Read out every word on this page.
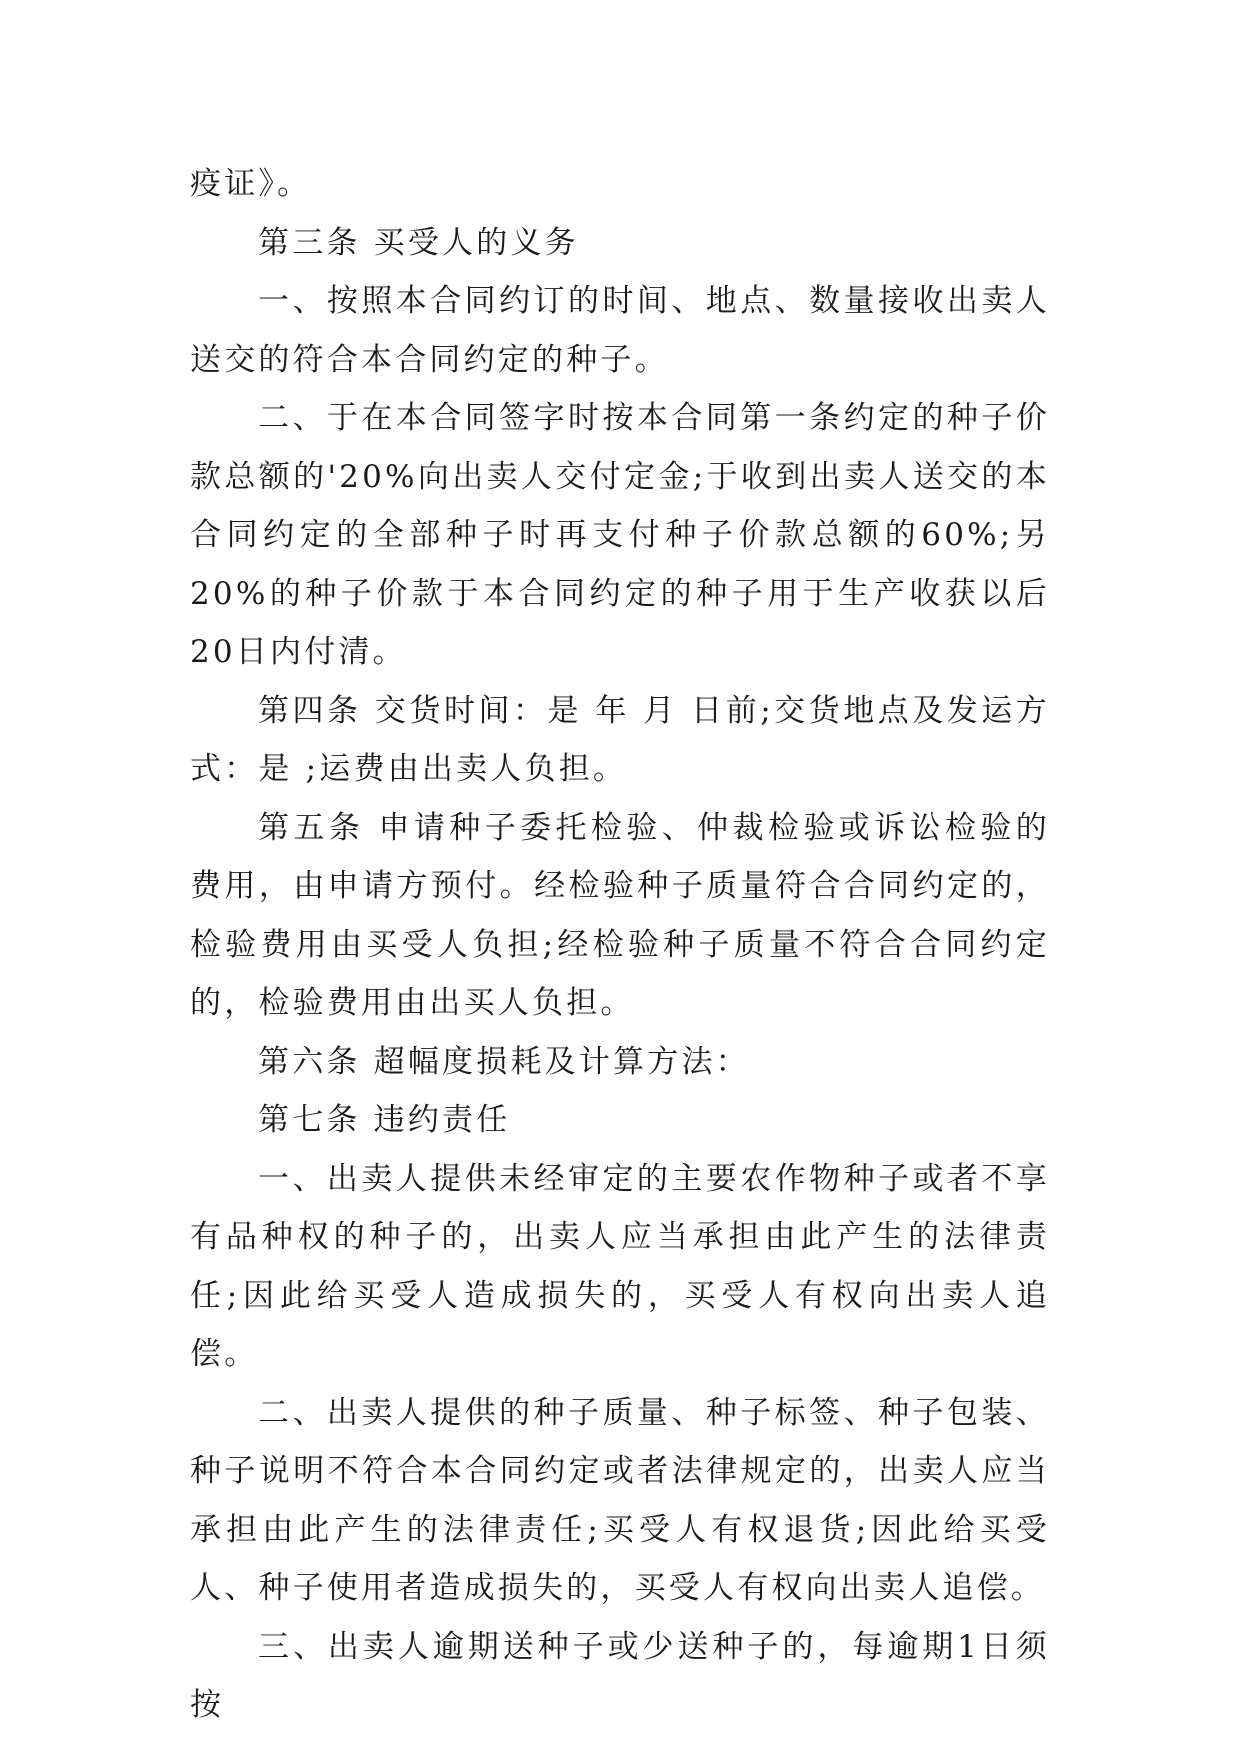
疫证》。

第三条 买受人的义务

一、按照本合同约订的时间、地点、数量接收出卖人送交的符合本合同约定的种子。

二、于在本合同签字时按本合同第一条约定的种子价款总额的'20%向出卖人交付定金;于收到出卖人送交的本合同约定的全部种子时再支付种子价款总额的60%;另20%的种子价款于本合同约定的种子用于生产收获以后20日内付清。

第四条 交货时间：是 年 月 日前;交货地点及发运方式：是 ;运费由出卖人负担。

第五条 申请种子委托检验、仲裁检验或诉讼检验的费用，由申请方预付。经检验种子质量符合合同约定的，检验费用由买受人负担;经检验种子质量不符合合同约定的，检验费用由出买人负担。

第六条 超幅度损耗及计算方法：

第七条 违约责任

一、出卖人提供未经审定的主要农作物种子或者不享有品种权的种子的，出卖人应当承担由此产生的法律责任;因此给买受人造成损失的，买受人有权向出卖人追偿。

二、出卖人提供的种子质量、种子标签、种子包装、种子说明不符合本合同约定或者法律规定的，出卖人应当承担由此产生的法律责任;买受人有权退货;因此给买受人、种子使用者造成损失的，买受人有权向出卖人追偿。

三、出卖人逾期送种子或少送种子的，每逾期1日须按
